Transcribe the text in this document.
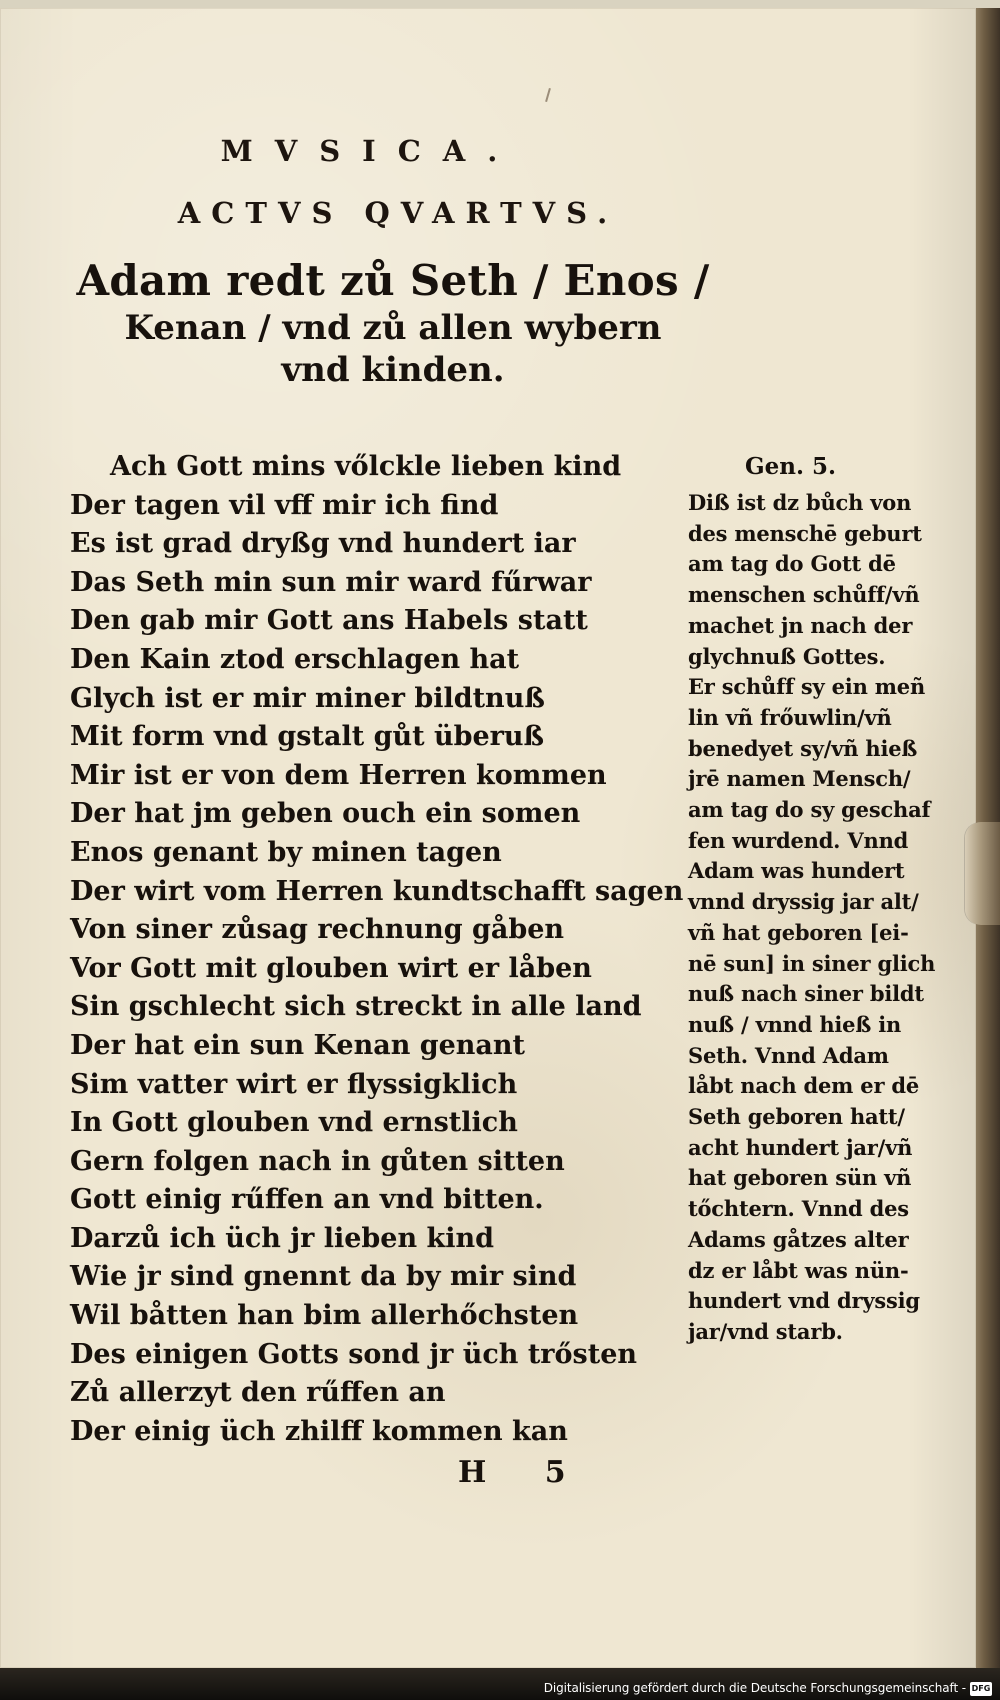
MVSICA.
ACTVS QVARTVS.
Adam redt zů Seth / Enos /
Kenan / vnd zů allen wybern
vnd kinden.
Ach Gott mins vőlckle lieben kind
Der tagen vil vff mir ich find
Es ist grad dryßg vnd hundert iar
Das Seth min sun mir ward fűrwar
Den gab mir Gott ans Habels statt
Den Kain ztod erschlagen hat
Glych ist er mir miner bildtnuß
Mit form vnd gstalt gůt überuß
Mir ist er von dem Herren kommen
Der hat jm geben ouch ein somen
Enos genant by minen tagen
Der wirt vom Herren kundtschafft sagen
Von siner zůsag rechnung gåben
Vor Gott mit glouben wirt er låben
Sin gschlecht sich streckt in alle land
Der hat ein sun Kenan genant
Sim vatter wirt er flyssigklich
In Gott glouben vnd ernstlich
Gern folgen nach in gůten sitten
Gott einig rűffen an vnd bitten.
Darzů ich üch jr lieben kind
Wie jr sind gnennt da by mir sind
Wil båtten han bim allerhőchsten
Des einigen Gotts sond jr üch trősten
Zů allerzyt den rűffen an
Der einig üch zhilff kommen kan
H 5
Gen. 5.
Diß ist dz bůch von
des menschē geburt
am tag do Gott dē
menschen schůff/vñ
machet jn nach der
glychnuß Gottes.
Er schůff sy ein meñ
lin vñ frőuwlin/vñ
benedyet sy/vñ hieß
jrē namen Mensch/
am tag do sy geschaf
fen wurdend. Vnnd
Adam was hundert
vnnd dryssig jar alt/
vñ hat geboren [ei-
nē sun] in siner glich
nuß nach siner bildt
nuß / vnnd hieß in
Seth. Vnnd Adam
låbt nach dem er dē
Seth geboren hatt/
acht hundert jar/vñ
hat geboren sün vñ
tőchtern. Vnnd des
Adams gåtzes alter
dz er låbt was nün-
hundert vnd dryssig
jar/vnd starb.
Digitalisierung gefördert durch die Deutsche Forschungsgemeinschaft - DFG
